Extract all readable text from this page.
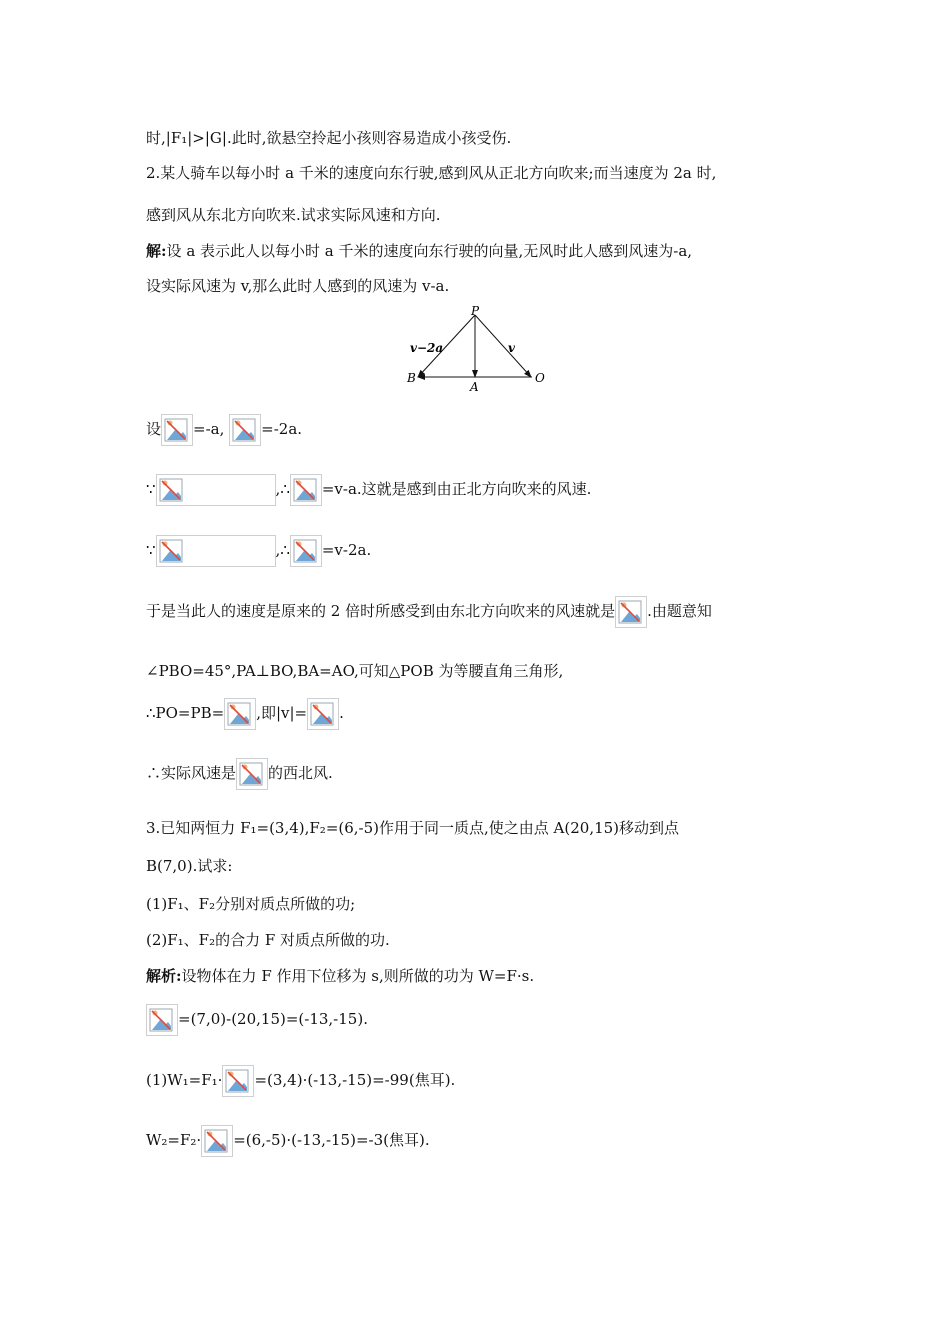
时,|F₁|>|G|.此时,欲悬空拎起小孩则容易造成小孩受伤.
2.某人骑车以每小时 a 千米的速度向东行驶,感到风从正北方向吹来;而当速度为 2a 时,
感到风从东北方向吹来.试求实际风速和方向.
解:设 a 表示此人以每小时 a 千米的速度向东行驶的向量,无风时此人感到风速为-a,
设实际风速为 v,那么此时人感到的风速为 v-a.
P
A
B	O
v−2a	v
设 =-a, =-2a.
∵	,∴ =v-a.这就是感到由正北方向吹来的风速.
∵	,∴ =v-2a.
于是当此人的速度是原来的 2 倍时所感受到由东北方向吹来的风速就是 .由题意知
∠PBO=45°,PA⊥BO,BA=AO,可知△POB 为等腰直角三角形,
∴PO=PB= ,即|v|= .
∴实际风速是 的西北风.
3.已知两恒力 F₁=(3,4),F₂=(6,-5)作用于同一质点,使之由点 A(20,15)移动到点
B(7,0).试求:
(1)F₁、F₂分别对质点所做的功;
(2)F₁、F₂的合力 F 对质点所做的功.
解析:设物体在力 F 作用下位移为 s,则所做的功为 W=F·s.
=(7,0)-(20,15)=(-13,-15).
(1)W₁=F₁· =(3,4)·(-13,-15)=-99(焦耳).
W₂=F₂· =(6,-5)·(-13,-15)=-3(焦耳).
